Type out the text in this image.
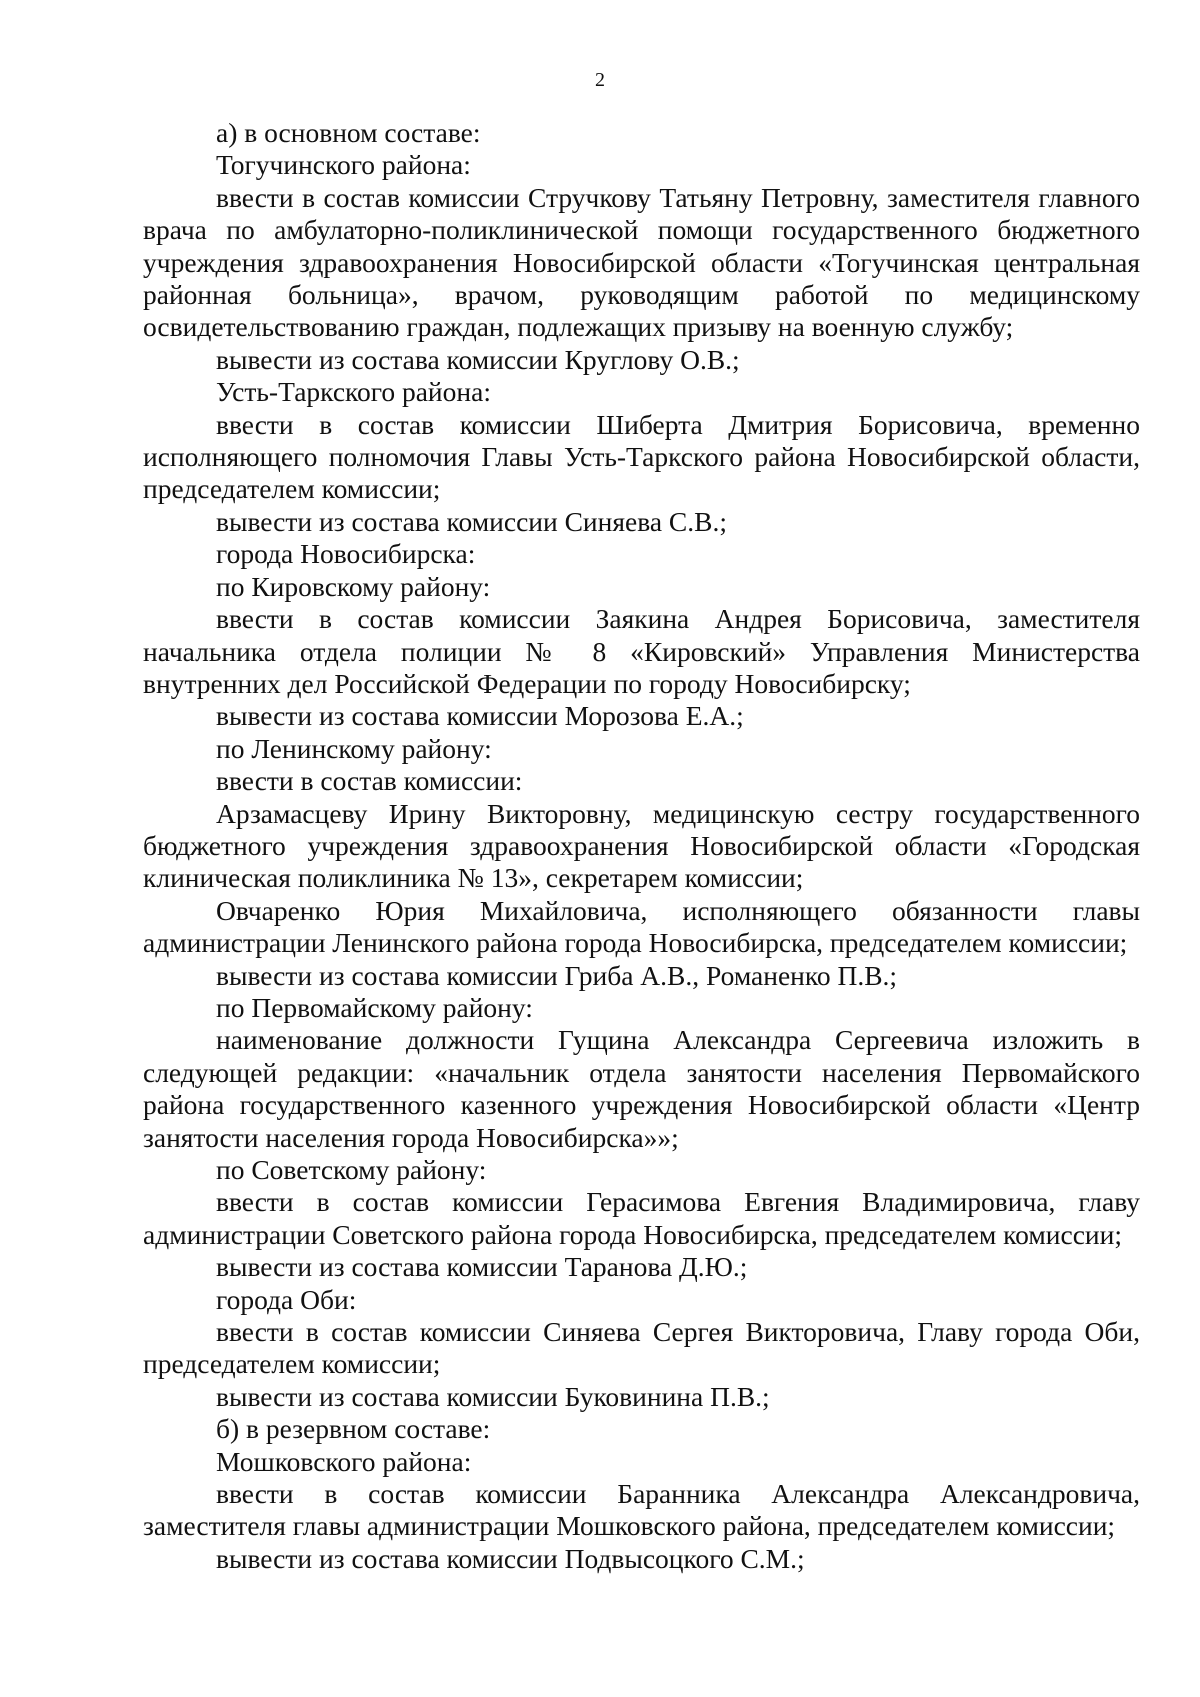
2

а) в основном составе:

Тогучинского района:

ввести в состав комиссии Стручкову Татьяну Петровну, заместителя главного врача по амбулаторно-поликлинической помощи государственного бюджетного учреждения здравоохранения Новосибирской области «Тогучинская центральная районная больница», врачом, руководящим работой по медицинскому освидетельствованию граждан, подлежащих призыву на военную службу;

вывести из состава комиссии Круглову О.В.;

Усть-Таркского района:

ввести в состав комиссии Шиберта Дмитрия Борисовича, временно исполняющего полномочия Главы Усть-Таркского района Новосибирской области, председателем комиссии;

вывести из состава комиссии Синяева С.В.;

города Новосибирска:

по Кировскому району:

ввести в состав комиссии Заякина Андрея Борисовича, заместителя начальника отдела полиции № 8 «Кировский» Управления Министерства внутренних дел Российской Федерации по городу Новосибирску;

вывести из состава комиссии Морозова Е.А.;

по Ленинскому району:

ввести в состав комиссии:

Арзамасцеву Ирину Викторовну, медицинскую сестру государственного бюджетного учреждения здравоохранения Новосибирской области «Городская клиническая поликлиника № 13», секретарем комиссии;

Овчаренко Юрия Михайловича, исполняющего обязанности главы администрации Ленинского района города Новосибирска, председателем комиссии;

вывести из состава комиссии Гриба А.В., Романенко П.В.;

по Первомайскому району:

наименование должности Гущина Александра Сергеевича изложить в следующей редакции: «начальник отдела занятости населения Первомайского района государственного казенного учреждения Новосибирской области «Центр занятости населения города Новосибирска»»;

по Советскому району:

ввести в состав комиссии Герасимова Евгения Владимировича, главу администрации Советского района города Новосибирска, председателем комиссии;

вывести из состава комиссии Таранова Д.Ю.;

города Оби:

ввести в состав комиссии Синяева Сергея Викторовича, Главу города Оби, председателем комиссии;

вывести из состава комиссии Буковинина П.В.;

б) в резервном составе:

Мошковского района:

ввести в состав комиссии Баранника Александра Александровича, заместителя главы администрации Мошковского района, председателем комиссии;

вывести из состава комиссии Подвысоцкого С.М.;
